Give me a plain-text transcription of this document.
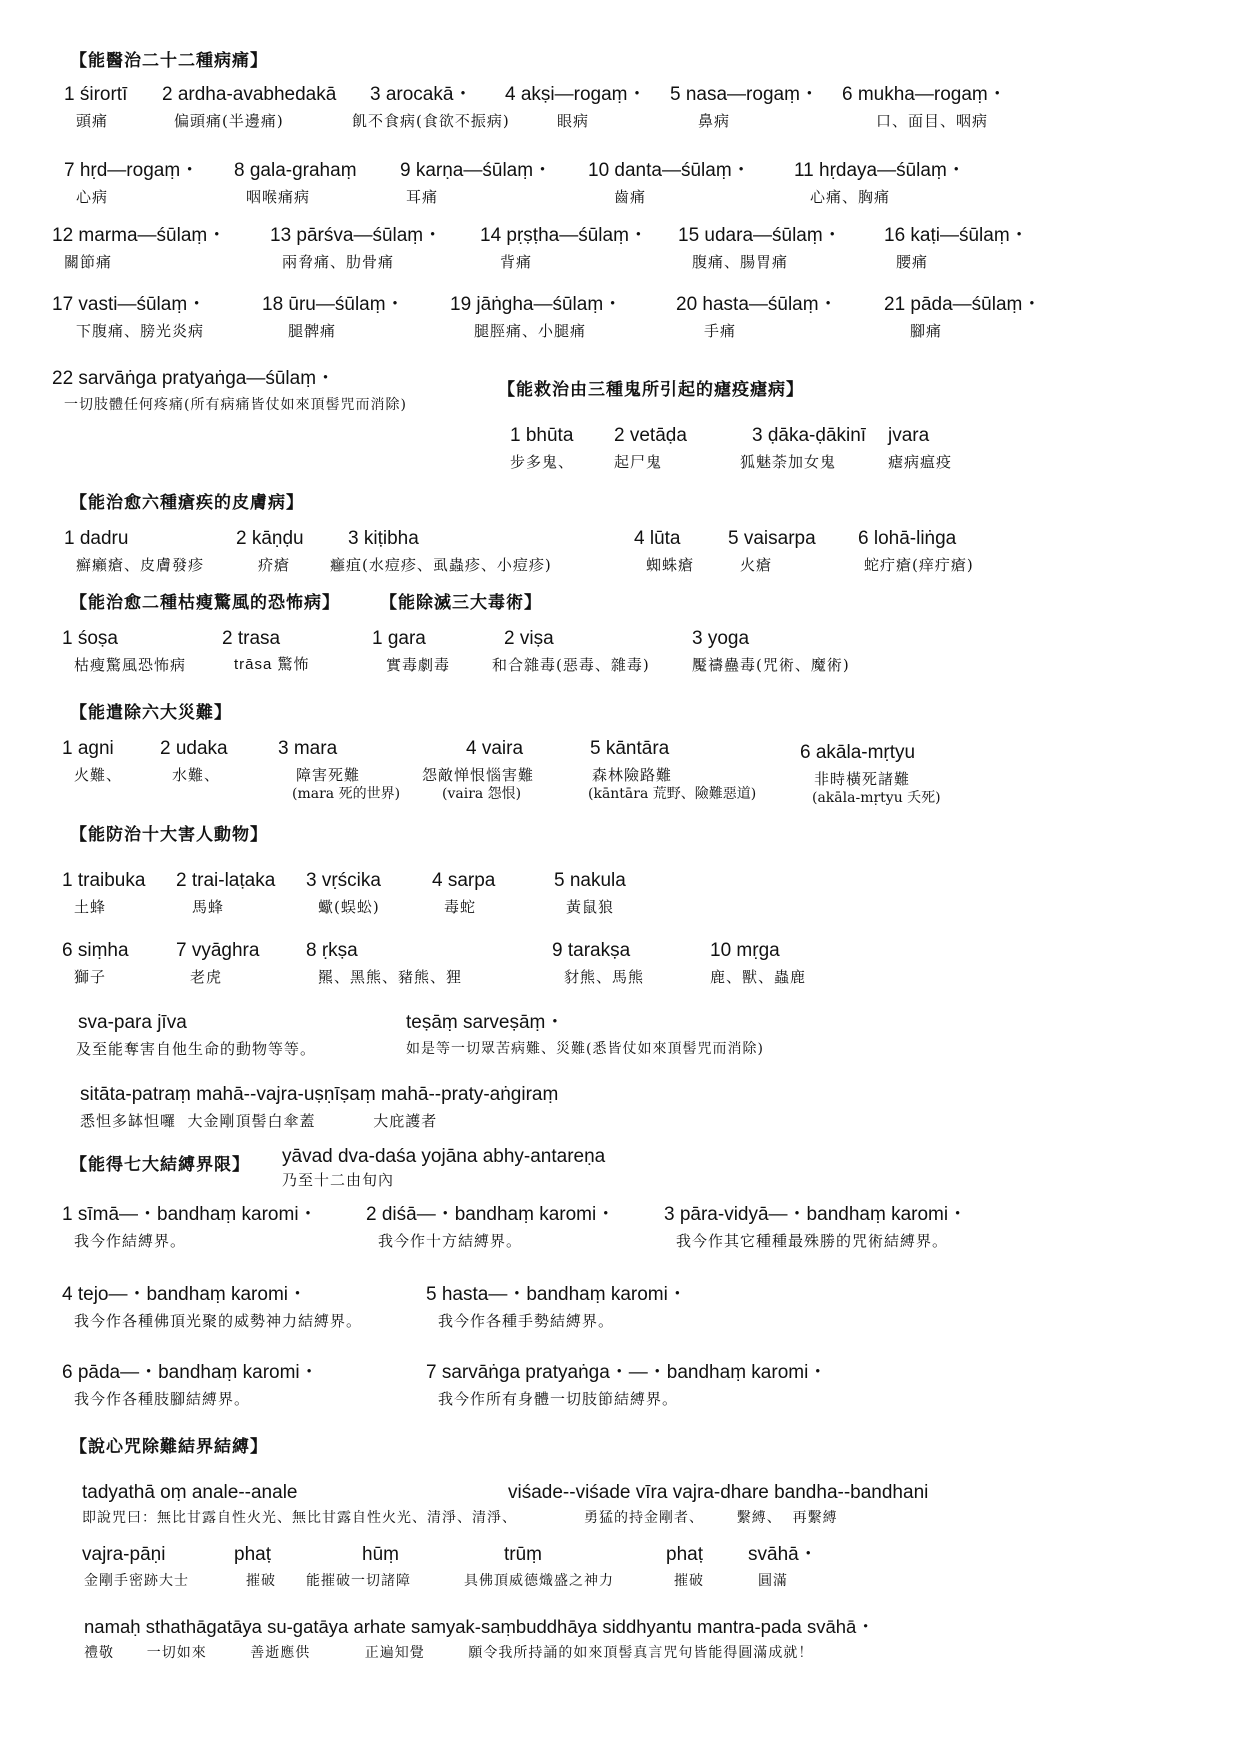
【能醫治二十二種病痛】
1 śirortī
頭痛
2 ardha-avabhedakā
偏頭痛(半邊痛)
3 arocakā・
飢不食病(食欲不振病)
4 akṣi—rogaṃ・
眼病
5 nasa—rogaṃ・
鼻病
6 mukha—rogaṃ・
口、面目、咽病
7 hṛd—rogaṃ・
心病
8 gala-grahaṃ
咽喉痛病
9 karṇa—śūlaṃ・
耳痛
10 danta—śūlaṃ・
齒痛
11 hṛdaya—śūlaṃ・
心痛、胸痛
12 marma—śūlaṃ・
關節痛
13 pārśva—śūlaṃ・
兩脅痛、肋骨痛
14 pṛṣṭha—śūlaṃ・
背痛
15 udara—śūlaṃ・
腹痛、腸胃痛
16 kaṭi—śūlaṃ・
腰痛
17 vasti—śūlaṃ・
下腹痛、膀光炎病
18 ūru—śūlaṃ・
腿髀痛
19 jāṅgha—śūlaṃ・
腿脛痛、小腿痛
20 hasta—śūlaṃ・
手痛
21 pāda—śūlaṃ・
腳痛
22 sarvāṅga pratyaṅga—śūlaṃ・
一切肢體任何疼痛(所有病痛皆仗如來頂髻咒而消除)
【能救治由三種鬼所引起的瘧疫瘧病】
1 bhūta
步多鬼、
2 vetāḍa
起尸鬼
3 ḍāka-ḍākinī
狐魅荼加女鬼
jvara
瘧病瘟疫
【能治愈六種瘡疾的皮膚病】
1 dadru
癬癩瘡、皮膚發疹
2 kāṇḍu
疥瘡
3 kiṭibha
癰疽(水痘疹、虱蟲疹、小痘疹)
4 lūta
蜘蛛瘡
5 vaisarpa
火瘡
6 lohā-liṅga
蛇疔瘡(痒疔瘡)
【能治愈二種枯瘦驚風的恐怖病】 【能除滅三大毒術】
1 śoṣa
枯瘦驚風恐怖病
2 trasa
trāsa 驚怖
1 gara
實毒劇毒
2 viṣa
和合雜毒(惡毒、雜毒)
3 yoga
魘禱蠱毒(咒術、魔術)
【能遣除六大災難】
1 agni
火難、
2 udaka
水難、
3 mara
障害死難
(mara 死的世界)
4 vaira
怨敵惮恨惱害難
(vaira 怨恨)
5 kāntāra
森林險路難
(kāntāra 荒野、險難惡道)
6 akāla-mṛtyu
非時橫死諸難
(akāla-mṛtyu 夭死)
【能防治十大害人動物】
1 traibuka
土蜂
2 trai-laṭaka
馬蜂
3 vṛścika
蠍(蜈蚣)
4 sarpa
毒蛇
5 nakula
黃鼠狼
6 siṃha
獅子
7 vyāghra
老虎
8 ṛkṣa
羆、黑熊、豬熊、狸
9 tarakṣa
豺熊、馬熊
10 mṛga
鹿、獸、蟲鹿
sva-para jīva
及至能奪害自他生命的動物等等。
teṣāṃ sarveṣāṃ・
如是等一切眾苦病難、災難(悉皆仗如來頂髻咒而消除)
sitāta-patraṃ mahā--vajra-uṣṇīṣaṃ mahā--praty-aṅgiraṃ
悉怛多缽怛囉  大金剛頂髻白傘蓋          大庇護者
【能得七大結縛界限】 yāvad dva-daśa yojāna abhy-antareṇa
乃至十二由旬內
1 sīmā—・bandhaṃ karomi・
我今作結縛界。
2 diśā—・bandhaṃ karomi・
我今作十方結縛界。
3 pāra-vidyā—・bandhaṃ karomi・
我今作其它種種最殊勝的咒術結縛界。
4 tejo—・bandhaṃ karomi・
我今作各種佛頂光聚的威勢神力結縛界。
5 hasta—・bandhaṃ karomi・
我今作各種手勢結縛界。
6 pāda—・bandhaṃ karomi・
我今作各種肢腳結縛界。
7 sarvāṅga pratyaṅga・—・bandhaṃ karomi・
我今作所有身體一切肢節結縛界。
【說心咒除難結界結縛】
tadyathā oṃ anale--anale
即說咒曰：無比甘露自性火光、無比甘露自性火光、清淨、清淨、
viśade--viśade vīra vajra-dhare bandha--bandhani
勇猛的持金剛者、      繫縛、  再繫縛
vajra-pāṇi
金剛手密跡大士
phaṭ
摧破
hūṃ
能摧破一切諸障
trūṃ
具佛頂威德熾盛之神力
phaṭ
摧破
svāhā・
圓滿
namaḥ sthathāgatāya su-gatāya arhate samyak-saṃbuddhāya siddhyantu mantra-pada svāhā・
禮敬      一切如來        善逝應供          正遍知覺        願令我所持誦的如來頂髻真言咒句皆能得圓滿成就！
